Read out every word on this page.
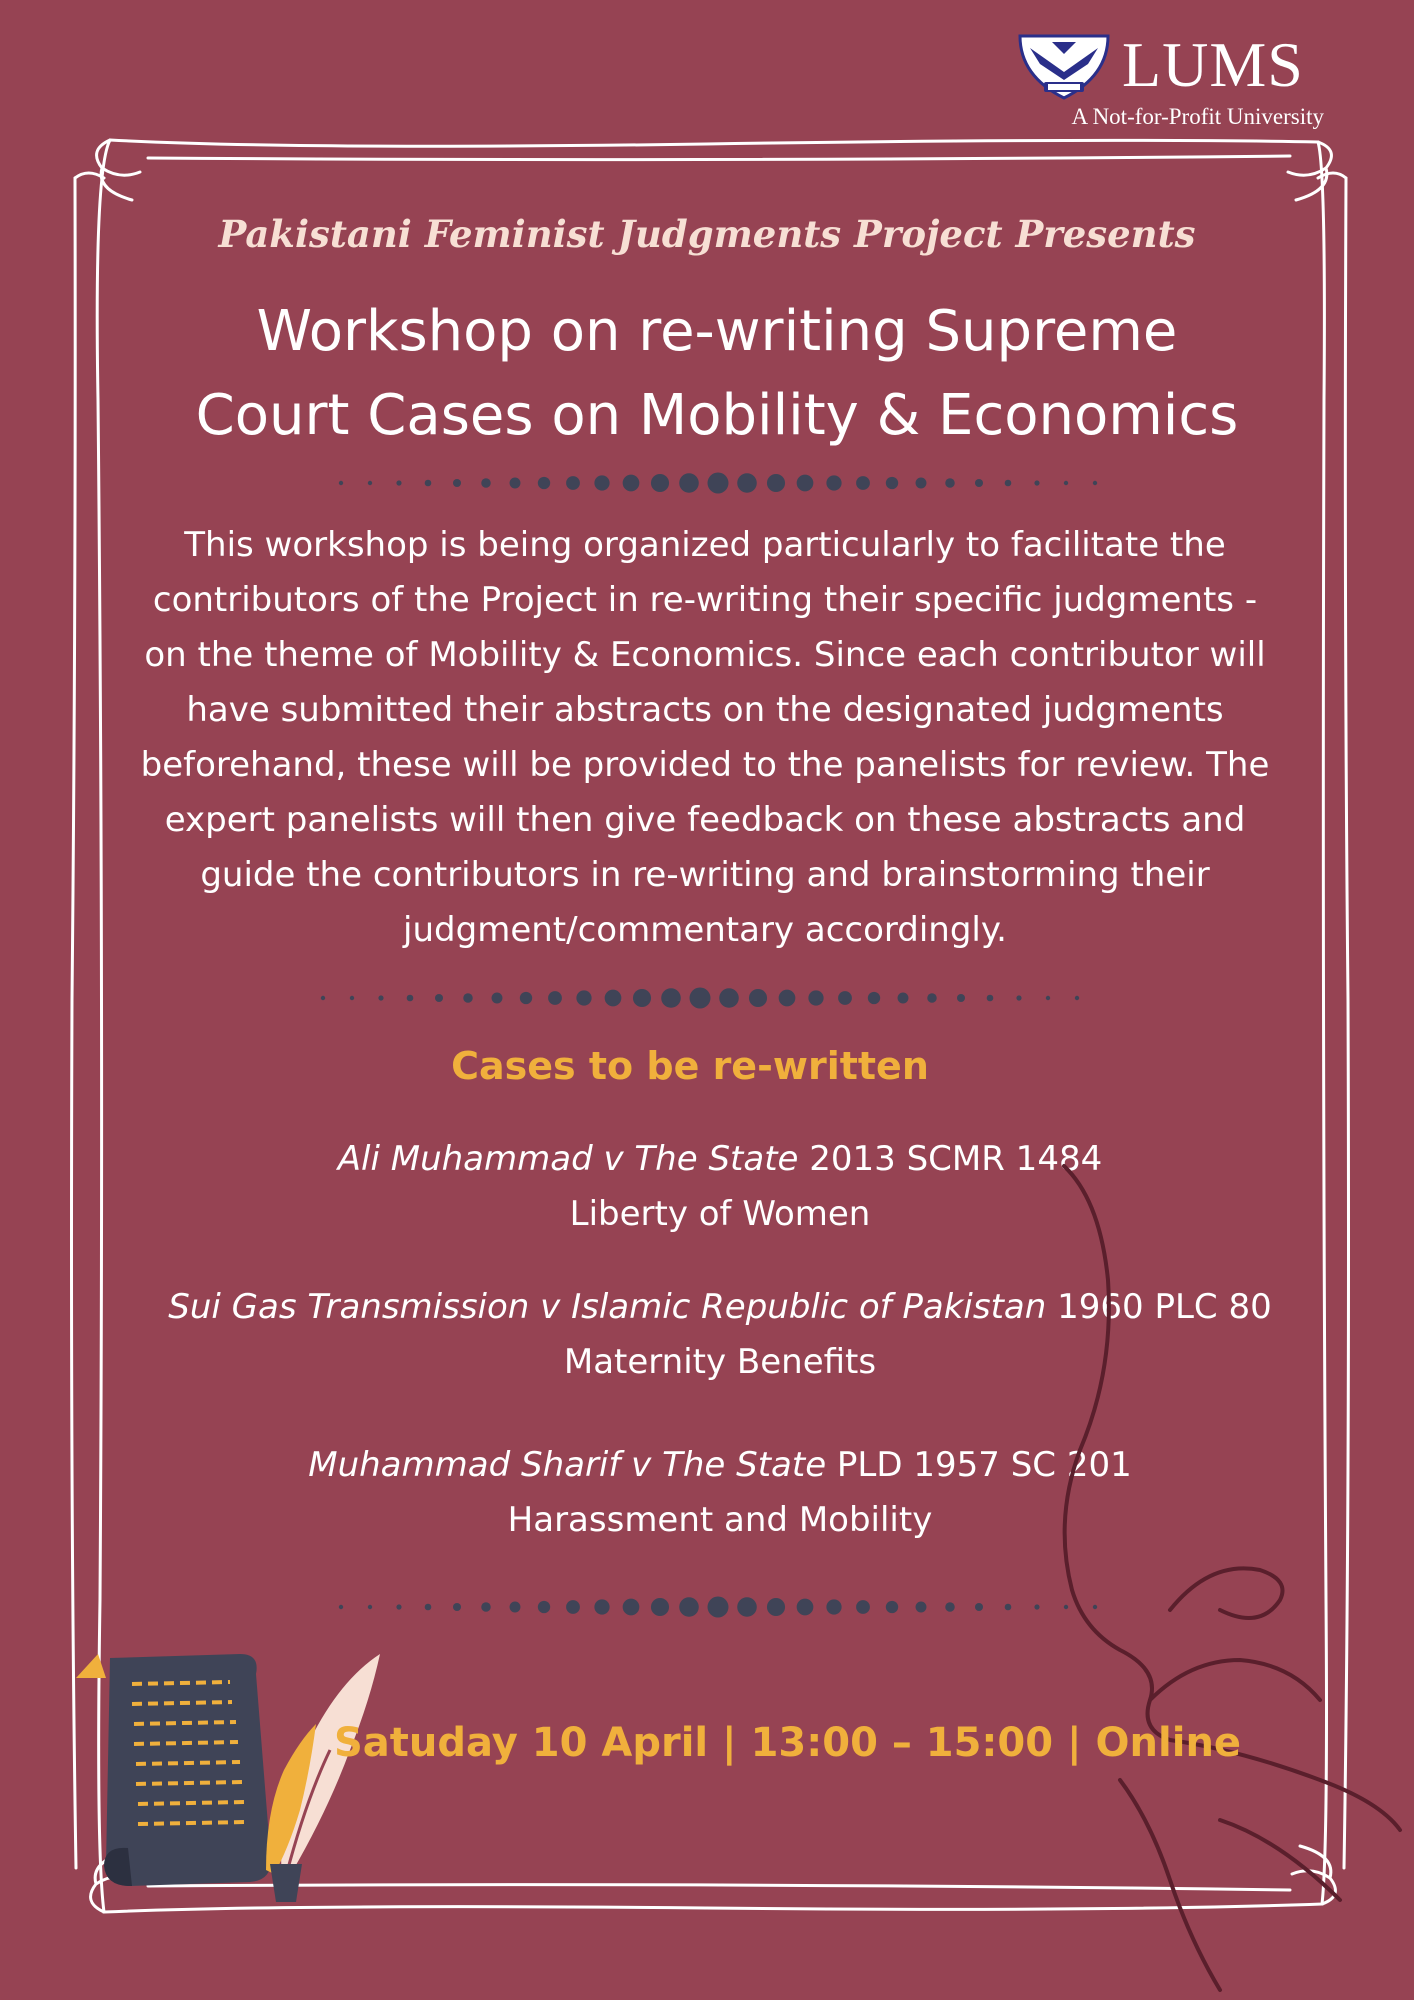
LUMS
A Not-for-Profit University
Pakistani Feminist Judgments Project Presents
Workshop on re-writing Supreme
Court Cases on Mobility & Economics
This workshop is being organized particularly to facilitate the
contributors of the Project in re-writing their specific judgments -
on the theme of Mobility & Economics. Since each contributor will
have submitted their abstracts on the designated judgments
beforehand, these will be provided to the panelists for review. The
expert panelists will then give feedback on these abstracts and
guide the contributors in re-writing and brainstorming their
judgment/commentary accordingly.
Cases to be re-written
Ali Muhammad v The State 2013 SCMR 1484
Liberty of Women
Sui Gas Transmission v Islamic Republic of Pakistan 1960 PLC 80
Maternity Benefits
Muhammad Sharif v The State PLD 1957 SC 201
Harassment and Mobility
Satuday 10 April | 13:00 – 15:00 | Online
